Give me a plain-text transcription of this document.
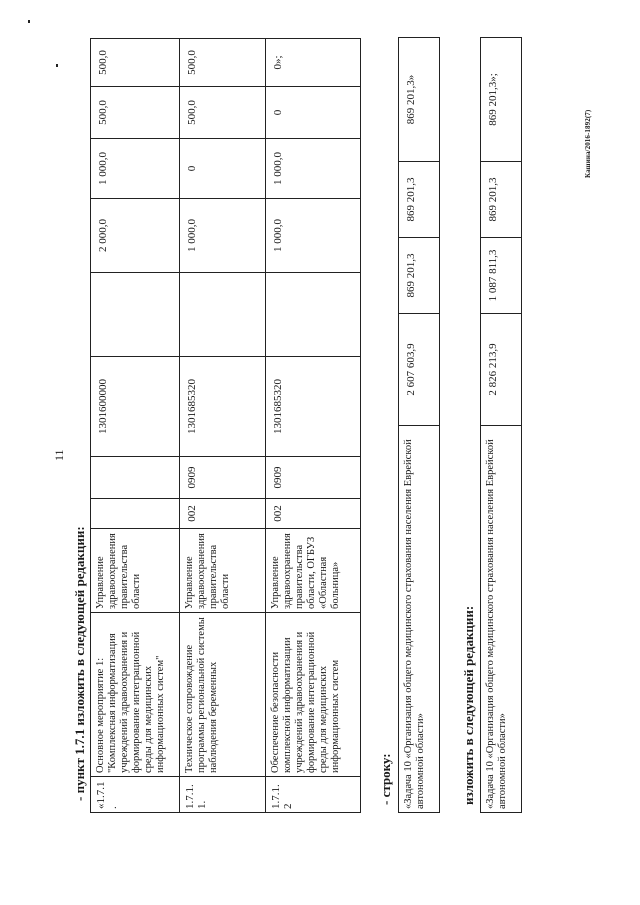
11
Кашина/2016-1892(7)
- пункт 1.7.1 изложить в следующей редакции: «1.7.1.	Основное мероприятие 1: "Комплексная информатизация учреждений здравоохранения и формирование интеграционной среды для медицинских информационных систем"	Управление здравоохранения правительства области			1301600000		2 000,0	1 000,0	500,0	500,0
1.7.1.1.	Техническое сопровождение программы региональной системы наблюдения беременных	Управление здравоохранения правительства области	002	0909	1301685320		1 000,0	0	500,0	500,0
1.7.1.2	Обеспечение безопасности комплексной информатизации учреждений здравоохранения и формирование интеграционной среды для медицинских информационных систем	Управление здравоохранения правительства области, ОГБУЗ «Областная больница»	002	0909	1301685320		1 000,0	1 000,0	0	0»;
- строку: «Задача 10 «Организация общего медицинского страхования населения Еврейской автономной области»	2 607 603,9	869 201,3	869 201,3	869 201,3»
изложить в следующей редакции: «Задача 10 «Организация общего медицинского страхования населения Еврейской автономной области»	2 826 213,9	1 087 811,3	869 201,3	869 201,3»;
